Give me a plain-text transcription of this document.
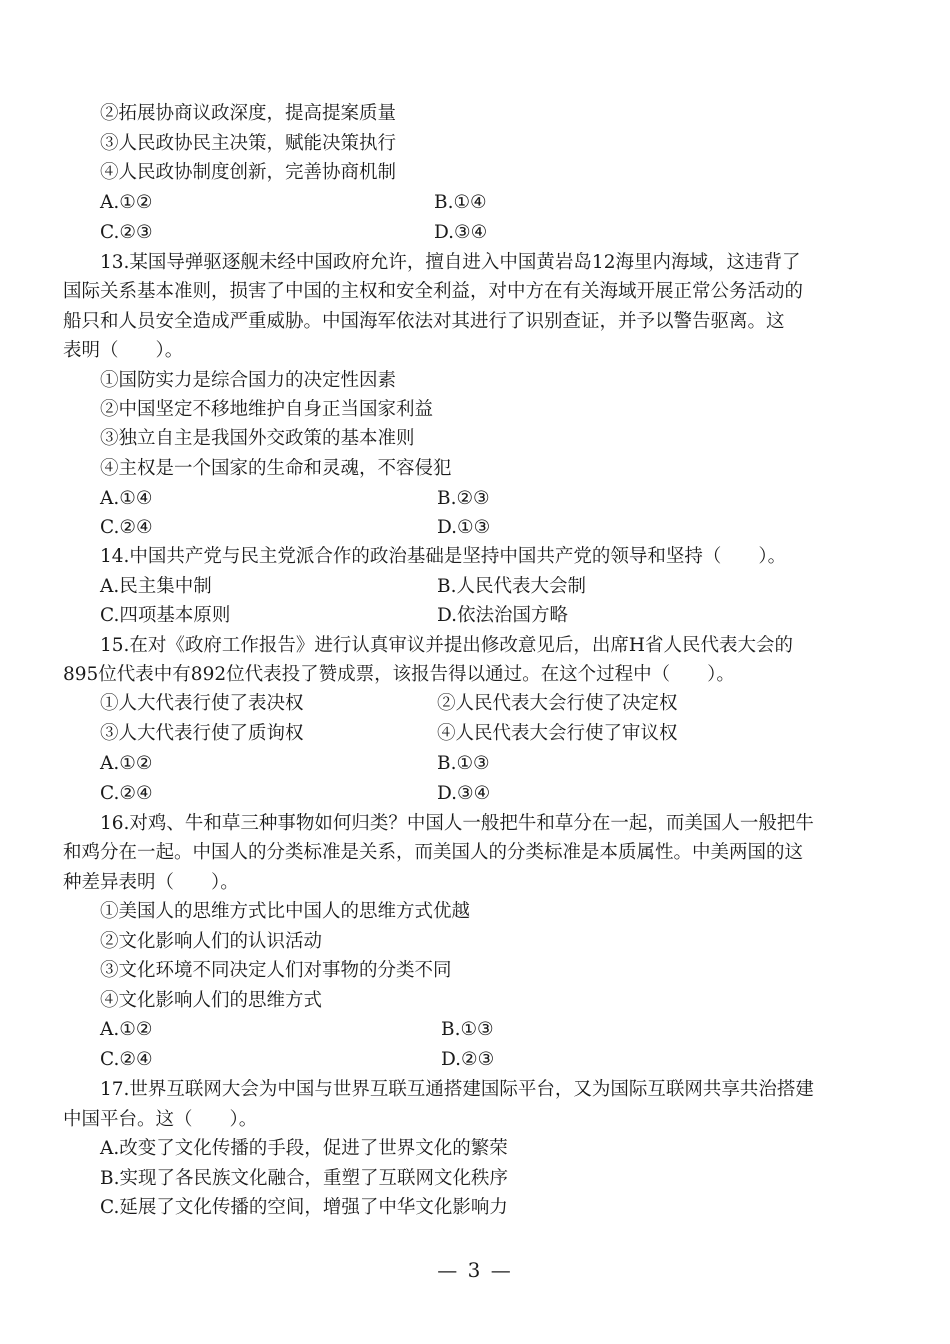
②拓展协商议政深度，提高提案质量
③人民政协民主决策，赋能决策执行
④人民政协制度创新，完善协商机制
A.①②	B.①④
C.②③	D.③④
13.某国导弹驱逐舰未经中国政府允许，擅自进入中国黄岩岛12海里内海域，这违背了
国际关系基本准则，损害了中国的主权和安全利益，对中方在有关海域开展正常公务活动的
船只和人员安全造成严重威胁。中国海军依法对其进行了识别查证，并予以警告驱离。这
表明（　　）。
①国防实力是综合国力的决定性因素
②中国坚定不移地维护自身正当国家利益
③独立自主是我国外交政策的基本准则
④主权是一个国家的生命和灵魂，不容侵犯
A.①④	B.②③
C.②④	D.①③
14.中国共产党与民主党派合作的政治基础是坚持中国共产党的领导和坚持（　　）。
A.民主集中制	B.人民代表大会制
C.四项基本原则	D.依法治国方略
15.在对《政府工作报告》进行认真审议并提出修改意见后，出席H省人民代表大会的
895位代表中有892位代表投了赞成票，该报告得以通过。在这个过程中（　　）。
①人大代表行使了表决权	②人民代表大会行使了决定权
③人大代表行使了质询权	④人民代表大会行使了审议权
A.①②	B.①③
C.②④	D.③④
16.对鸡、牛和草三种事物如何归类？中国人一般把牛和草分在一起，而美国人一般把牛
和鸡分在一起。中国人的分类标准是关系，而美国人的分类标准是本质属性。中美两国的这
种差异表明（　　）。
①美国人的思维方式比中国人的思维方式优越
②文化影响人们的认识活动
③文化环境不同决定人们对事物的分类不同
④文化影响人们的思维方式
A.①②	B.①③
C.②④	D.②③
17.世界互联网大会为中国与世界互联互通搭建国际平台，又为国际互联网共享共治搭建
中国平台。这（　　）。
A.改变了文化传播的手段，促进了世界文化的繁荣
B.实现了各民族文化融合，重塑了互联网文化秩序
C.延展了文化传播的空间，增强了中华文化影响力
— 3 —
